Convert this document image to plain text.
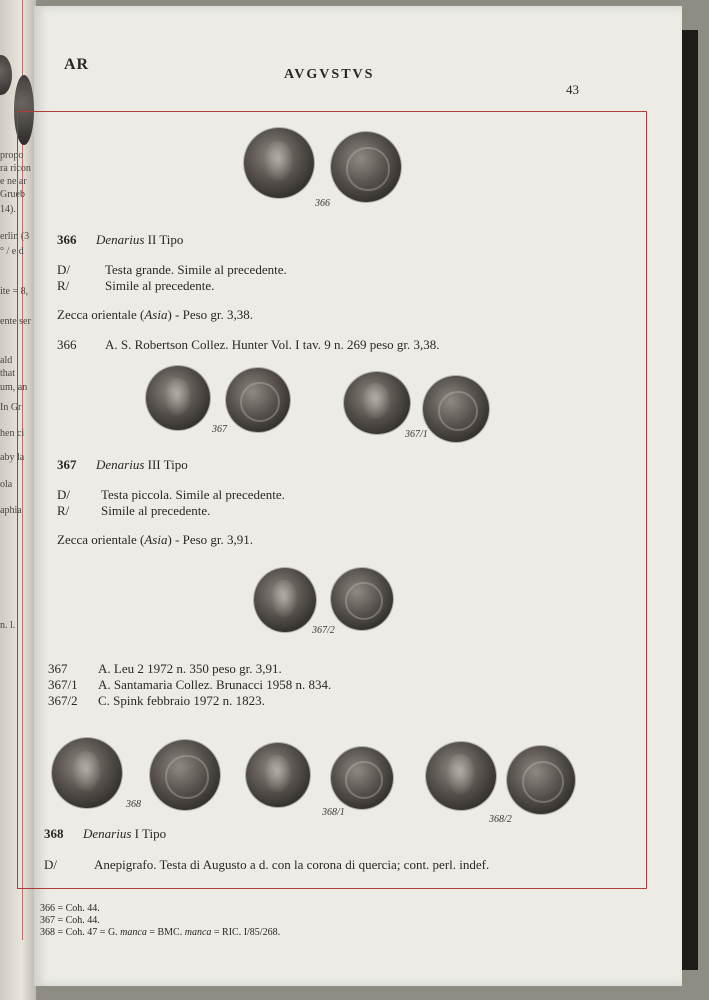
propo
ra ricon
e ne ar
Grueb
14).
erlin (3
° / e d
ite = 8,
ente ser
ald
that
um, an
In Gr
hen ci
aby la
ola
aphia
n. l.
AR
AVGVSTVS
43
366
366 Denarius II Tipo
D/	Testa grande. Simile al precedente.
R/	Simile al precedente.
Zecca orientale (Asia) - Peso gr. 3,38.
366 A. S. Robertson Collez. Hunter Vol. I tav. 9 n. 269 peso gr. 3,38.
367	367/1
367 Denarius III Tipo
D/ Testa piccola. Simile al precedente.
R/ Simile al precedente.
Zecca orientale (Asia) - Peso gr. 3,91.
367/2
367 A. Leu 2 1972 n. 350 peso gr. 3,91.
367/1 A. Santamaria Collez. Brunacci 1958 n. 834.
367/2 C. Spink febbraio 1972 n. 1823.
368
368/1
368/2
368 Denarius I Tipo
D/	Anepigrafo. Testa di Augusto a d. con la corona di quercia; cont. perl. indef.
366 = Coh. 44.
367 = Coh. 44.
368 = Coh. 47 = G. manca = BMC. manca = RIC. I/85/268.
